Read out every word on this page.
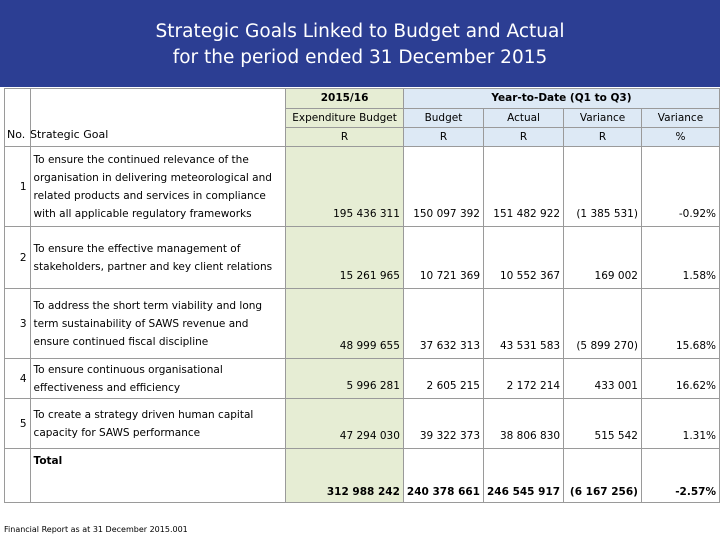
Strategic Goals Linked to Budget and Actual
for the period ended 31 December 2015
		2015/16	Year-to-Date (Q1 to Q3)			
		Expenditure Budget	Budget	Actual	Variance	Variance
		R	R	R	R	%

1	To ensure the continued relevance of the
organisation in delivering meteorological and
related products and services in compliance
with all applicable regulatory frameworks	195 436 311	150 097 392	151 482 922	(1 385 531)	-0.92%
2	To ensure the effective management of
stakeholders, partner and key client relations	15 261 965	10 721 369	10 552 367	169 002	1.58%
3	To address the short term viability and long
term sustainability of SAWS revenue and
ensure continued fiscal discipline	48 999 655	37 632 313	43 531 583	(5 899 270)	15.68%
4	To ensure continuous organisational
effectiveness and efficiency	5 996 281	2 605 215	2 172 214	433 001	16.62%
5	To create a strategy driven human capital
capacity for SAWS performance	47 294 030	39 322 373	38 806 830	515 542	1.31%
	Total	312 988 242	240 378 661	246 545 917	(6 167 256)	-2.57%
No. Strategic Goal
Financial Report as at 31 December 2015.001
